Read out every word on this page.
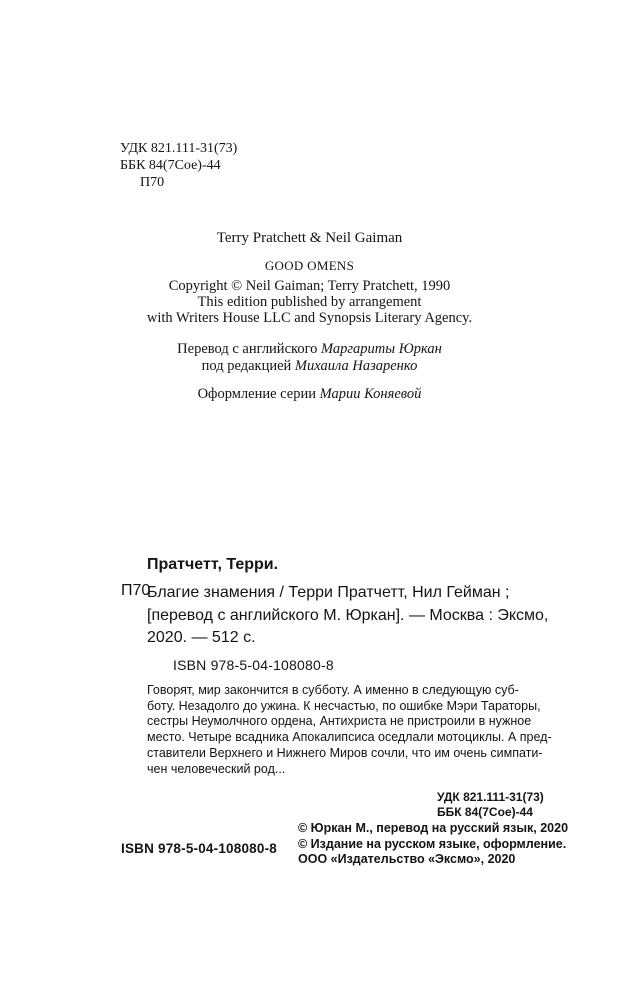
УДК 821.111-31(73)
ББК 84(7Сое)-44
П70
Terry Pratchett & Neil Gaiman
GOOD OMENS
Copyright © Neil Gaiman; Terry Pratchett, 1990
This edition published by arrangement
with Writers House LLC and Synopsis Literary Agency.
Перевод с английского Маргариты Юркан
под редакцией Михаила Назаренко
Оформление серии Марии Коняевой
Пратчетт, Терри.
П70
Благие знамения / Терри Пратчетт, Нил Гейман ;
[перевод с английского М. Юркан]. — Москва : Эксмо,
2020. — 512 с.
ISBN 978-5-04-108080-8
Говорят, мир закончится в субботу. А именно в следующую суб-
боту. Незадолго до ужина. К несчастью, по ошибке Мэри Тараторы,
сестры Неумолчного ордена, Антихриста не пристроили в нужное
место. Четыре всадника Апокалипсиса оседлали мотоциклы. А пред-
ставители Верхнего и Нижнего Миров сочли, что им очень симпати-
чен человеческий род...
УДК 821.111-31(73)
ББК 84(7Сое)-44
ISBN 978-5-04-108080-8
© Юркан М., перевод на русский язык, 2020
© Издание на русском языке, оформление.
ООО «Издательство «Эксмо», 2020
